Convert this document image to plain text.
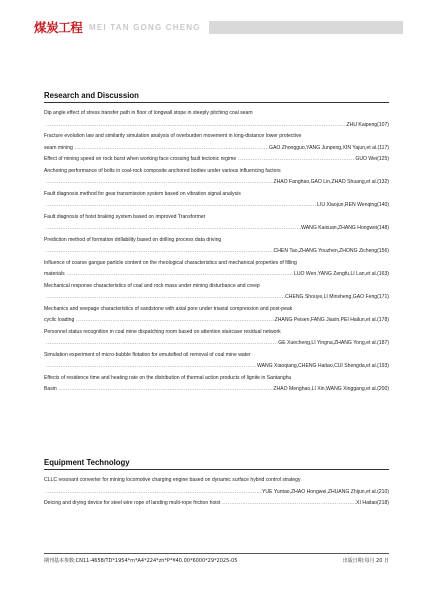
煤炭工程 MEI TAN GONG CHENG
Research and Discussion
Dip angle effect of stress transfer path in floor of longwall stope in steeply pitching coal seam
.....
ZHU Kaipeng(107)
Fracture evolution law and similarity simulation analysis of overburden movement in long-distance lower protective
seam mining .....	GAO Zhongguo,YANG Junpeng,XIN Yajun,et al.(117)
Effect of mining speed on rock burst when working face crossing fault tectonic regime .....	GUO Wei(125)
Anchoring performance of bolts in coal-rock composite anchored bodies under various influencing factors
.....
ZHAO Fanghao,GAO Lin,ZHAO Shuang,et al.(132)
Fault diagnosis method for gear transmission system based on vibration signal analysis
.....
LIU Xiaojun,REN Wenqing(140)
Fault diagnosis of hoist braking system based on improved Transformer
.....
WANG Kaixuan,ZHANG Hongwei(148)
Prediction method of formation drillability based on drilling process data driving
.....
CHEN Tao,ZHANG Youzhen,ZHONG Zicheng(156)
Influence of coarse gangue particle content on the rheological characteristics and mechanical properties of filling
materials .....	LUO Wen,YANG Zengfu,LI Lan,et al.(163)
Mechanical response characteristics of coal and rock mass under mining disturbance and creep
.....
CHENG Shouye,LI Minsheng,GAO Feng(171)
Mechanics and seepage characteristics of sandstone with axial pore under triaxial compression and post-peak
cyclic loading .....	ZHANG Peisen,FANG Jiaxin,PEI Hailun,et al.(178)
Personnel status recognition in coal mine dispatching room based on attention staircase residual network
.....
GE Xuecheng,LI Yingna,ZHANG Yong,et al.(187)
Simulation experiment of micro-bubble flotation for emulsified oil removal of coal mine water
.....
WANG Xiaoqiang,CHENG Haitao,CUI Shengda,et al.(193)
Effects of residence time and heating rate on the distribution of thermal action products of lignite in Santanghu
Basin .....	ZHAO Menghao,LI Xin,WANG Xinggang,et al.(200)
Equipment Technology
CLLC resonant converter for mining locomotive charging engine based on dynamic surface hybrid control strategy
.....
YUE Yuntao,ZHAO Hongwei,ZHUANG Zhijun,et al.(210)
Deicing and drying device for steel wire rope of landing multi-rope friction hoist .....	XI Haitao(218)
期刊基本参数:CN11-4658/TD*1954*m*A4*224*zh*P*¥40.00*6000*29*2025-05	出版日期:每月 20 日
